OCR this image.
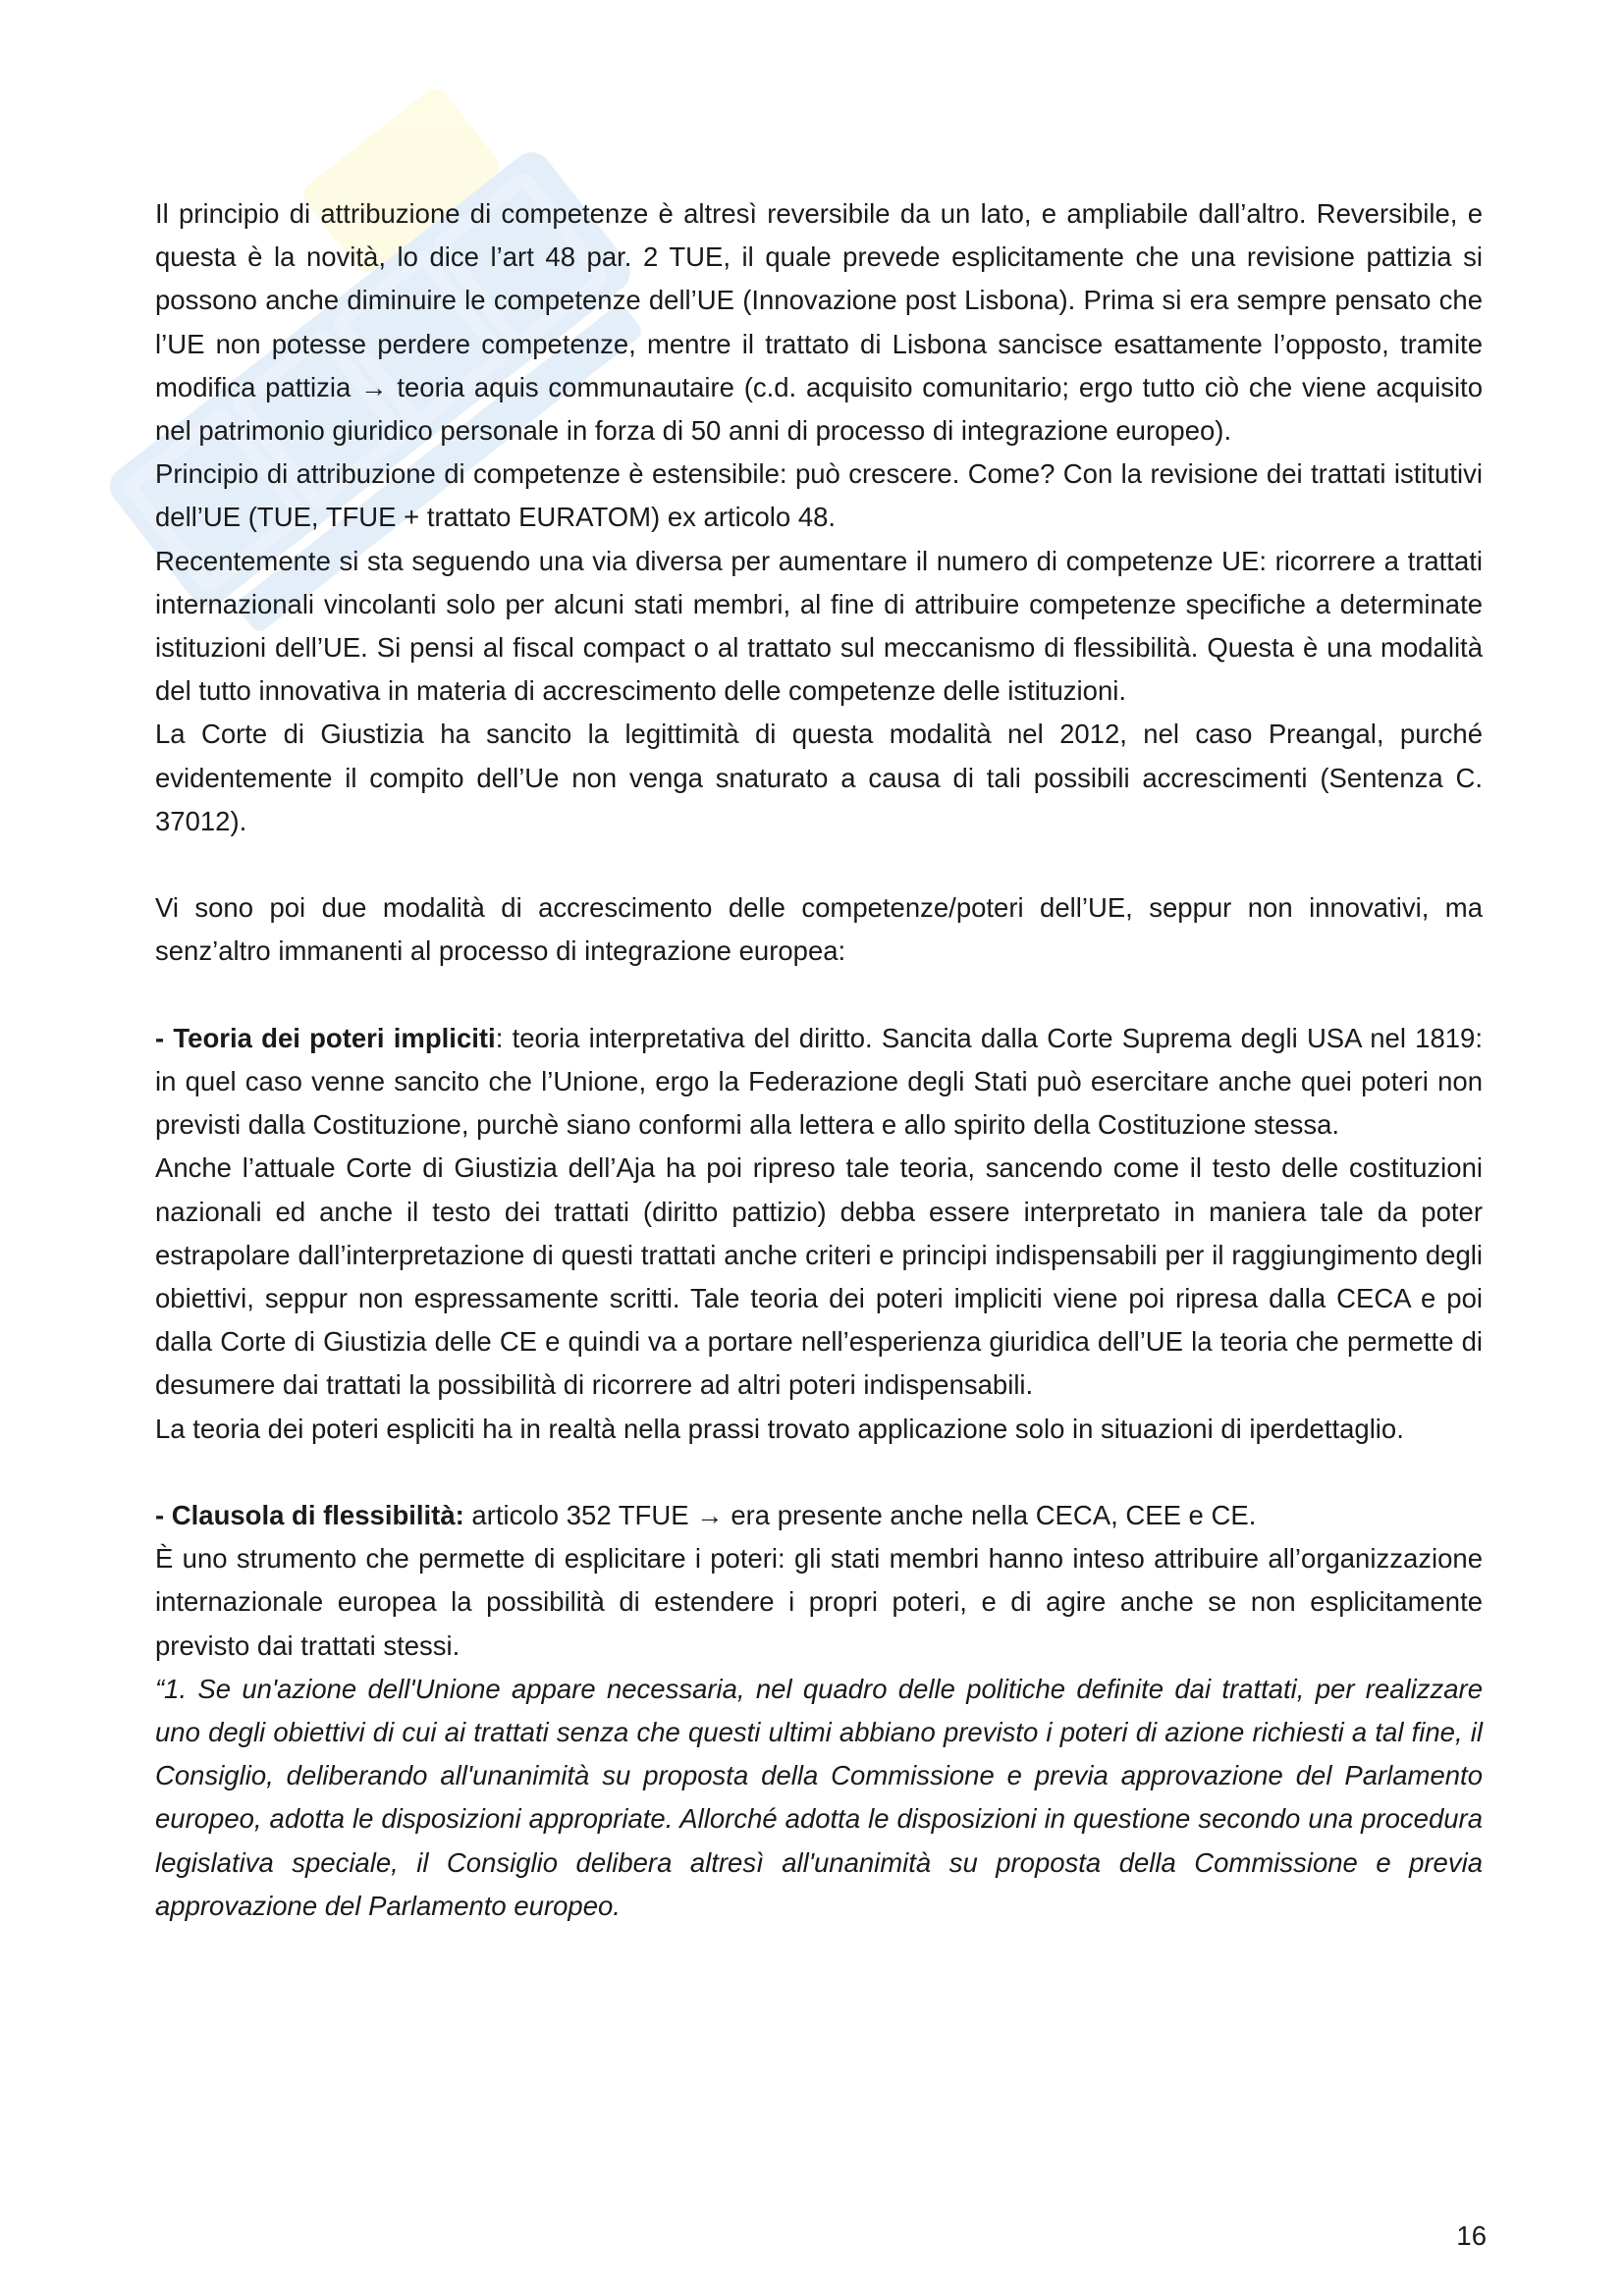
Il principio di attribuzione di competenze è altresì reversibile da un lato, e ampliabile dall’altro. Reversibile, e questa è la novità, lo dice l’art 48 par. 2 TUE, il quale prevede esplicitamente che una revisione pattizia si possono anche diminuire le competenze dell’UE (Innovazione post Lisbona). Prima si era sempre pensato che l’UE non potesse perdere competenze, mentre il trattato di Lisbona sancisce esattamente l’opposto, tramite modifica pattizia → teoria aquis communautaire (c.d. acquisito comunitario; ergo tutto ciò che viene acquisito nel patrimonio giuridico personale in forza di 50 anni di processo di integrazione europeo).

Principio di attribuzione di competenze è estensibile: può crescere. Come? Con la revisione dei trattati istitutivi dell’UE (TUE, TFUE + trattato EURATOM) ex articolo 48.

Recentemente si sta seguendo una via diversa per aumentare il numero di competenze UE: ricorrere a trattati internazionali vincolanti solo per alcuni stati membri, al fine di attribuire competenze specifiche a determinate istituzioni dell’UE. Si pensi al fiscal compact o al trattato sul meccanismo di flessibilità. Questa è una modalità del tutto innovativa in materia di accrescimento delle competenze delle istituzioni.

La Corte di Giustizia ha sancito la legittimità di questa modalità nel 2012, nel caso Preangal, purché evidentemente il compito dell’Ue non venga snaturato a causa di tali possibili accrescimenti (Sentenza C. 37012).

Vi sono poi due modalità di accrescimento delle competenze/poteri dell’UE, seppur non innovativi, ma senz’altro immanenti al processo di integrazione europea:

- Teoria dei poteri impliciti: teoria interpretativa del diritto. Sancita dalla Corte Suprema degli USA nel 1819: in quel caso venne sancito che l’Unione, ergo la Federazione degli Stati può esercitare anche quei poteri non previsti dalla Costituzione, purchè siano conformi alla lettera e allo spirito della Costituzione stessa.

Anche l’attuale Corte di Giustizia dell’Aja ha poi ripreso tale teoria, sancendo come il testo delle costituzioni nazionali ed anche il testo dei trattati (diritto pattizio) debba essere interpretato in maniera tale da poter estrapolare dall’interpretazione di questi trattati anche criteri e principi indispensabili per il raggiungimento degli obiettivi, seppur non espressamente scritti. Tale teoria dei poteri impliciti viene poi ripresa dalla CECA e poi dalla Corte di Giustizia delle CE e quindi va a portare nell’esperienza giuridica dell’UE la teoria che permette di desumere dai trattati la possibilità di ricorrere ad altri poteri indispensabili.

La teoria dei poteri espliciti ha in realtà nella prassi trovato applicazione solo in situazioni di iperdettaglio.

- Clausola di flessibilità: articolo 352 TFUE → era presente anche nella CECA, CEE e CE.

È uno strumento che permette di esplicitare i poteri: gli stati membri hanno inteso attribuire all’organizzazione internazionale europea la possibilità di estendere i propri poteri, e di agire anche se non esplicitamente previsto dai trattati stessi.

“1. Se un'azione dell'Unione appare necessaria, nel quadro delle politiche definite dai trattati, per realizzare uno degli obiettivi di cui ai trattati senza che questi ultimi abbiano previsto i poteri di azione richiesti a tal fine, il Consiglio, deliberando all'unanimità su proposta della Commissione e previa approvazione del Parlamento europeo, adotta le disposizioni appropriate. Allorché adotta le disposizioni in questione secondo una procedura legislativa speciale, il Consiglio delibera altresì all'unanimità su proposta della Commissione e previa approvazione del Parlamento europeo.

16
